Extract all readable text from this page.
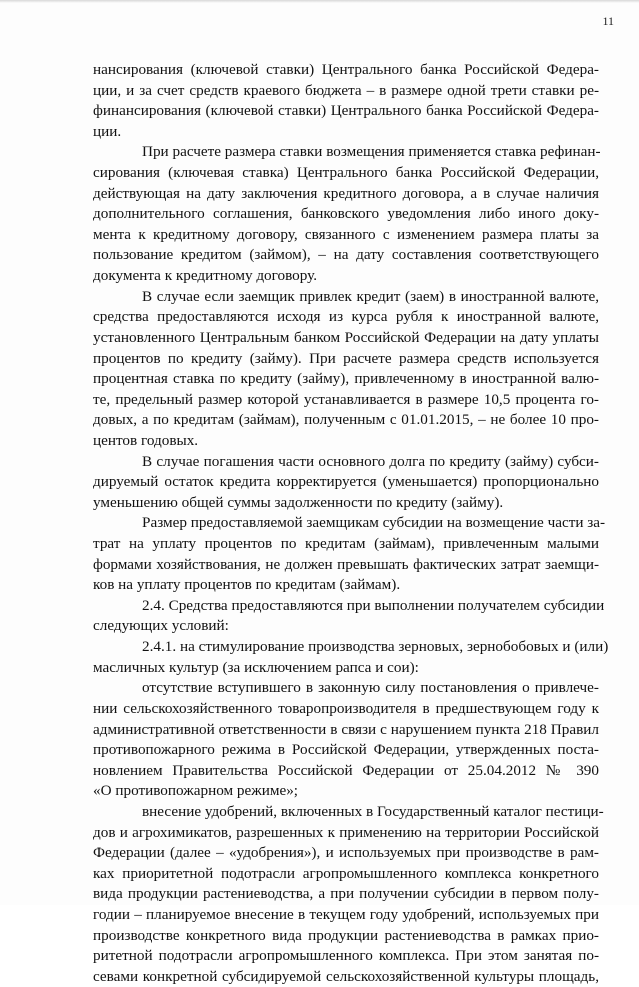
11
нансирования (ключевой ставки) Центрального банка Российской Федера-
ции, и за счет средств краевого бюджета – в размере одной трети ставки ре-
финансирования (ключевой ставки) Центрального банка Российской Федера-
ции.
При расчете размера ставки возмещения применяется ставка рефинан-
сирования (ключевая ставка) Центрального банка Российской Федерации,
действующая на дату заключения кредитного договора, а в случае наличия
дополнительного соглашения, банковского уведомления либо иного доку-
мента к кредитному договору, связанного с изменением размера платы за
пользование кредитом (займом), – на дату составления соответствующего
документа к кредитному договору.
В случае если заемщик привлек кредит (заем) в иностранной валюте,
средства предоставляются исходя из курса рубля к иностранной валюте,
установленного Центральным банком Российской Федерации на дату уплаты
процентов по кредиту (займу). При расчете размера средств используется
процентная ставка по кредиту (займу), привлеченному в иностранной валю-
те, предельный размер которой устанавливается в размере 10,5 процента го-
довых, а по кредитам (займам), полученным с 01.01.2015, – не более 10 про-
центов годовых.
В случае погашения части основного долга по кредиту (займу) субси-
дируемый остаток кредита корректируется (уменьшается) пропорционально
уменьшению общей суммы задолженности по кредиту (займу).
Размер предоставляемой заемщикам субсидии на возмещение части за-
трат на уплату процентов по кредитам (займам), привлеченным малыми
формами хозяйствования, не должен превышать фактических затрат заемщи-
ков на уплату процентов по кредитам (займам).
2.4. Средства предоставляются при выполнении получателем субсидии
следующих условий:
2.4.1. на стимулирование производства зерновых, зернобобовых и (или)
масличных культур (за исключением рапса и сои):
отсутствие вступившего в законную силу постановления о привлече-
нии сельскохозяйственного товаропроизводителя в предшествующем году к
административной ответственности в связи с нарушением пункта 218 Правил
противопожарного режима в Российской Федерации, утвержденных поста-
новлением Правительства Российской Федерации от 25.04.2012 № 390
«О противопожарном режиме»;
внесение удобрений, включенных в Государственный каталог пестици-
дов и агрохимикатов, разрешенных к применению на территории Российской
Федерации (далее – «удобрения»), и используемых при производстве в рам-
ках приоритетной подотрасли агропромышленного комплекса конкретного
вида продукции растениеводства, а при получении субсидии в первом полу-
годии – планируемое внесение в текущем году удобрений, используемых при
производстве конкретного вида продукции растениеводства в рамках прио-
ритетной подотрасли агропромышленного комплекса. При этом занятая по-
севами конкретной субсидируемой сельскохозяйственной культуры площадь,
